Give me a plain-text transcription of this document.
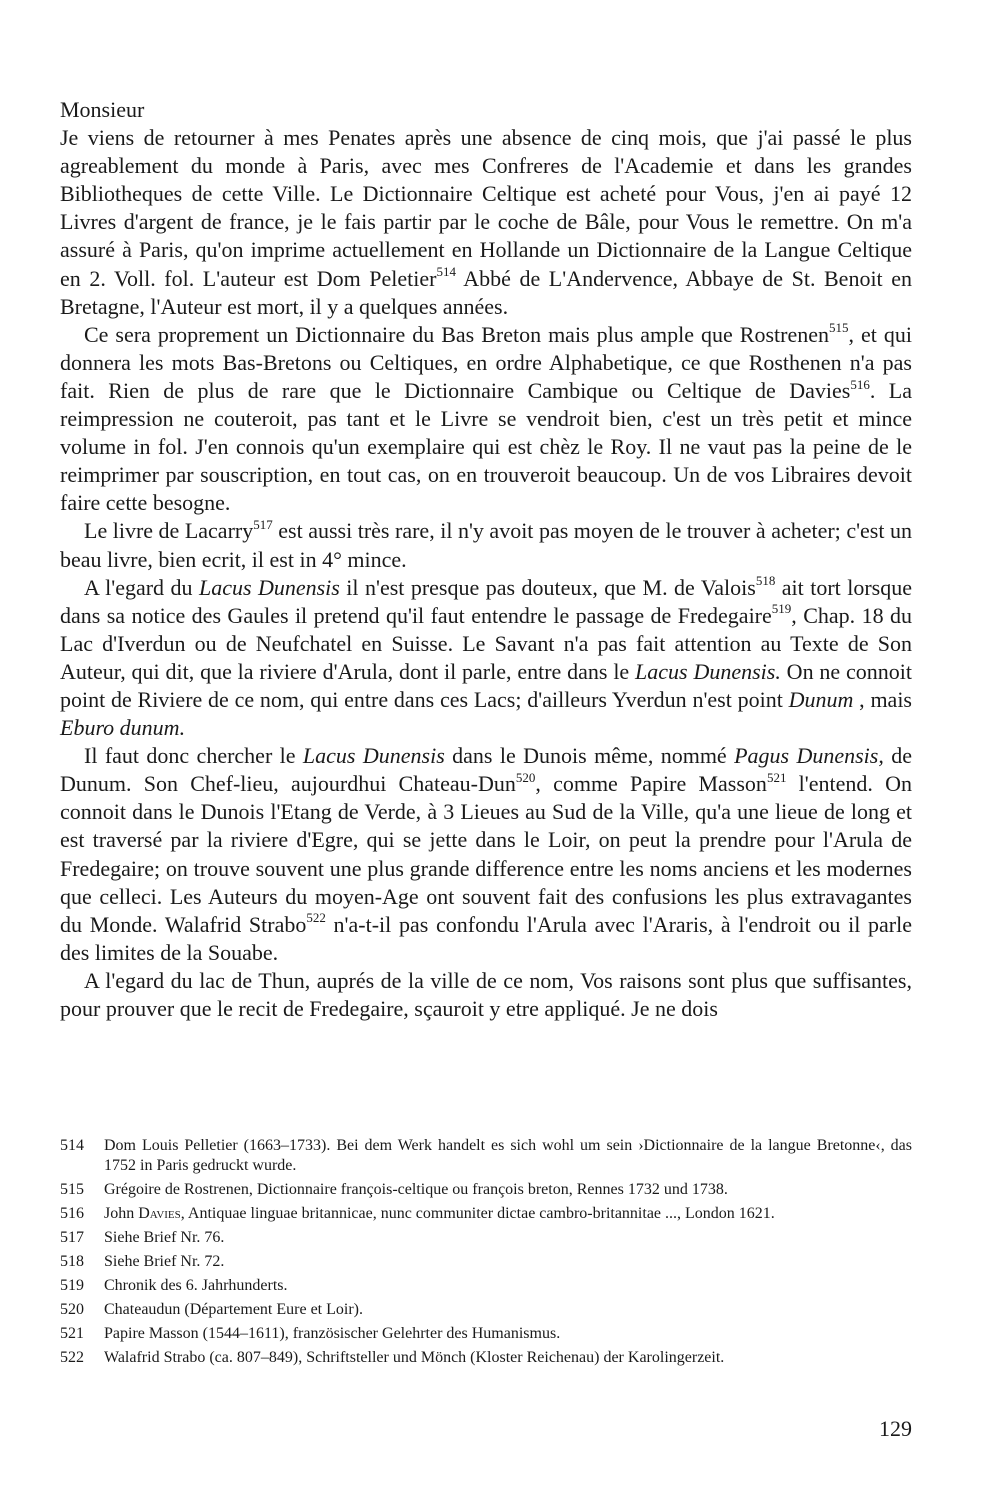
Monsieur

Je viens de retourner à mes Penates après une absence de cinq mois, que j'ai passé le plus agreablement du monde à Paris, avec mes Confreres de l'Academie et dans les grandes Bibliotheques de cette Ville. Le Dictionnaire Celtique est acheté pour Vous, j'en ai payé 12 Livres d'argent de france, je le fais partir par le coche de Bâle, pour Vous le remettre. On m'a assuré à Paris, qu'on imprime actuellement en Hollande un Dictionnaire de la Langue Celtique en 2. Voll. fol. L'auteur est Dom Peletier$^{514}$ Abbé de L'Andervence, Abbaye de St. Benoit en Bretagne, l'Auteur est mort, il y a quelques années.

Ce sera proprement un Dictionnaire du Bas Breton mais plus ample que Rostrenen$^{515}$, et qui donnera les mots Bas-Bretons ou Celtiques, en ordre Alphabetique, ce que Rosthenen n'a pas fait. Rien de plus de rare que le Dictionnaire Cambique ou Celtique de Davies$^{516}$. La reimpression ne couteroit, pas tant et le Livre se vendroit bien, c'est un très petit et mince volume in fol. J'en connois qu'un exemplaire qui est chèz le Roy. Il ne vaut pas la peine de le reimprimer par souscription, en tout cas, on en trouveroit beaucoup. Un de vos Libraires devoit faire cette besogne.

Le livre de Lacarry$^{517}$ est aussi très rare, il n'y avoit pas moyen de le trouver à acheter; c'est un beau livre, bien ecrit, il est in 4° mince.

A l'egard du Lacus Dunensis il n'est presque pas douteux, que M. de Valois$^{518}$ ait tort lorsque dans sa notice des Gaules il pretend qu'il faut entendre le passage de Fredegaire$^{519}$, Chap. 18 du Lac d'Iverdun ou de Neufchatel en Suisse. Le Savant n'a pas fait attention au Texte de Son Auteur, qui dit, que la riviere d'Arula, dont il parle, entre dans le Lacus Dunensis. On ne connoit point de Riviere de ce nom, qui entre dans ces Lacs; d'ailleurs Yverdun n'est point Dunum , mais Eburo dunum.

Il faut donc chercher le Lacus Dunensis dans le Dunois même, nommé Pagus Dunensis, de Dunum. Son Chef-lieu, aujourdhui Chateau-Dun$^{520}$, comme Papire Masson$^{521}$ l'entend. On connoit dans le Dunois l'Etang de Verde, à 3 Lieues au Sud de la Ville, qu'a une lieue de long et est traversé par la riviere d'Egre, qui se jette dans le Loir, on peut la prendre pour l'Arula de Fredegaire; on trouve souvent une plus grande difference entre les noms anciens et les modernes que celleci. Les Auteurs du moyen-Age ont souvent fait des confusions les plus extravagantes du Monde. Walafrid Strabo$^{522}$ n'a-t-il pas confondu l'Arula avec l'Araris, à l'endroit ou il parle des limites de la Souabe.

A l'egard du lac de Thun, auprés de la ville de ce nom, Vos raisons sont plus que suffisantes, pour prouver que le recit de Fredegaire, sçauroit y etre appliqué. Je ne dois

514	Dom Louis Pelletier (1663–1733). Bei dem Werk handelt es sich wohl um sein ›Dictionnaire de la langue Bretonne‹, das 1752 in Paris gedruckt wurde.
515	Grégoire de Rostrenen, Dictionnaire françois-celtique ou françois breton, Rennes 1732 und 1738.
516	John Davies, Antiquae linguae britannicae, nunc communiter dictae cambro-britannitae ..., London 1621.
517	Siehe Brief Nr. 76.
518	Siehe Brief Nr. 72.
519	Chronik des 6. Jahrhunderts.
520	Chateaudun (Département Eure et Loir).
521	Papire Masson (1544–1611), französischer Gelehrter des Humanismus.
522	Walafrid Strabo (ca. 807–849), Schriftsteller und Mönch (Kloster Reichenau) der Karolingerzeit.
129
